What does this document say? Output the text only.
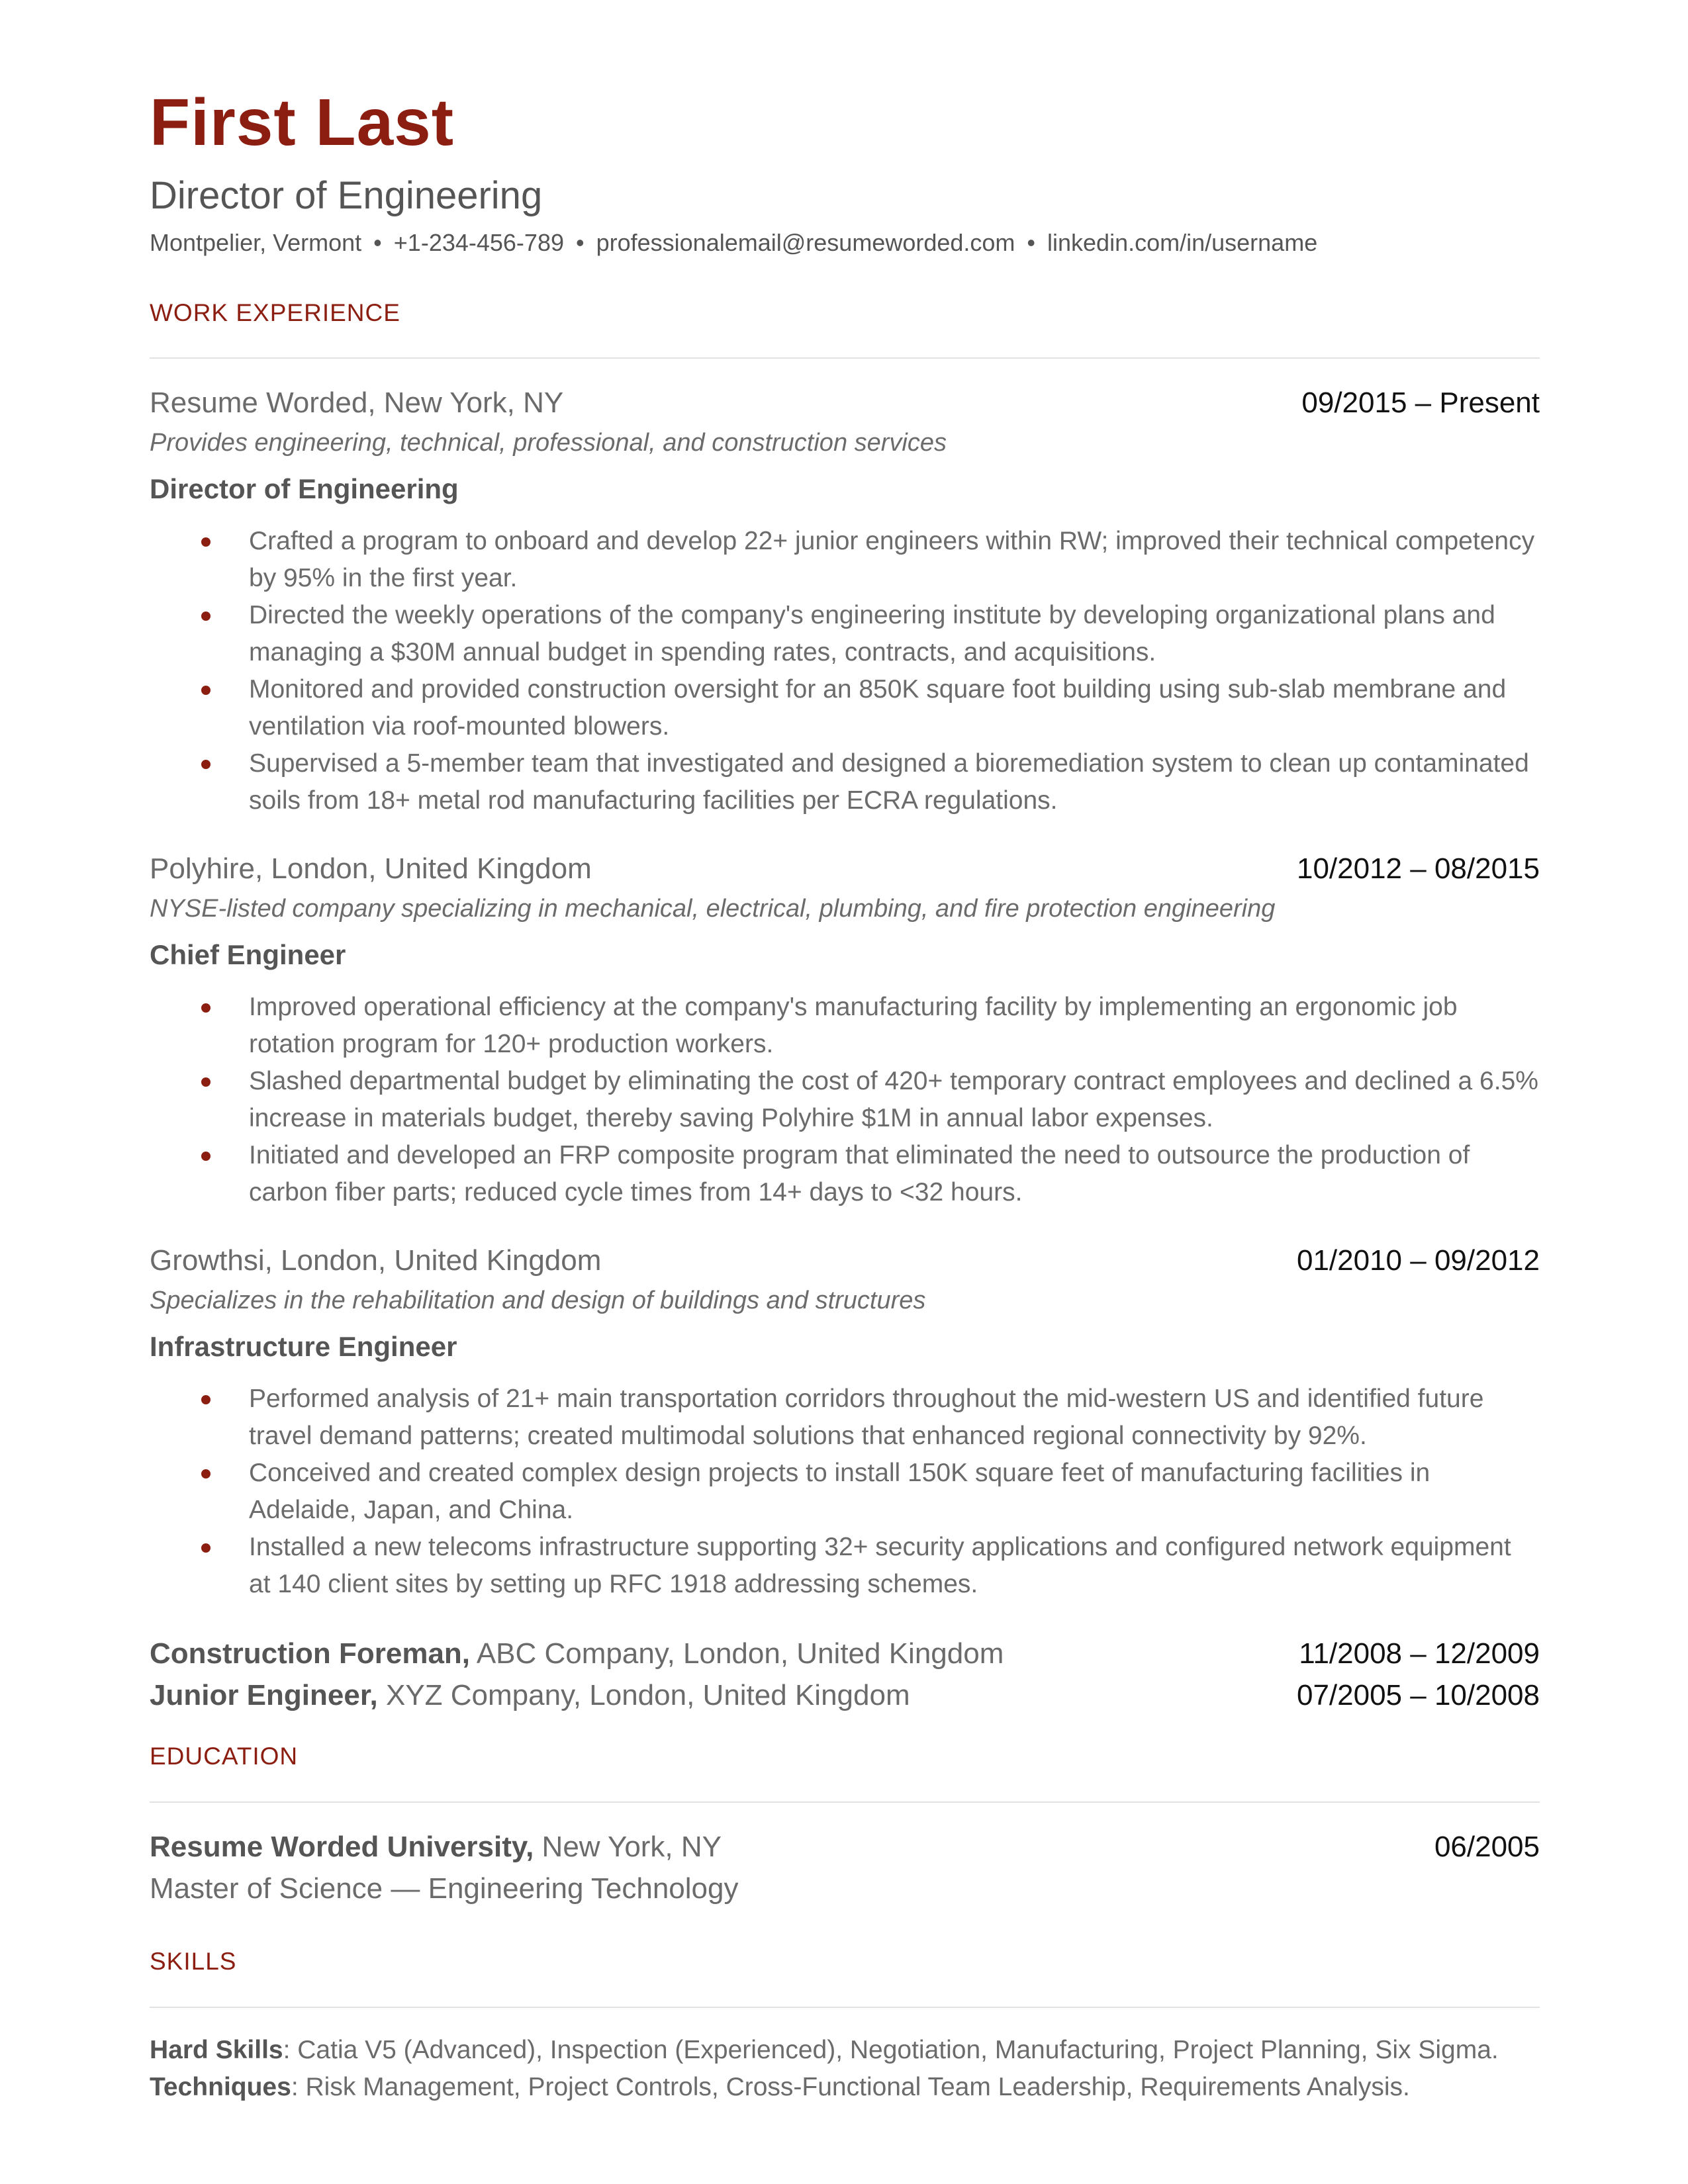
First Last
Director of Engineering
Montpelier, Vermont • +1-234-456-789 • professionalemail@resumeworded.com • linkedin.com/in/username
WORK EXPERIENCE
Resume Worded, New York, NY	09/2015 – Present
Provides engineering, technical, professional, and construction services
Director of Engineering
Crafted a program to onboard and develop 22+ junior engineers within RW; improved their technical competency by 95% in the first year.
Directed the weekly operations of the company's engineering institute by developing organizational plans and managing a $30M annual budget in spending rates, contracts, and acquisitions.
Monitored and provided construction oversight for an 850K square foot building using sub-slab membrane and ventilation via roof-mounted blowers.
Supervised a 5-member team that investigated and designed a bioremediation system to clean up contaminated soils from 18+ metal rod manufacturing facilities per ECRA regulations.
Polyhire, London, United Kingdom	10/2012 – 08/2015
NYSE-listed company specializing in mechanical, electrical, plumbing, and fire protection engineering
Chief Engineer
Improved operational efficiency at the company's manufacturing facility by implementing an ergonomic job rotation program for 120+ production workers.
Slashed departmental budget by eliminating the cost of 420+ temporary contract employees and declined a 6.5% increase in materials budget, thereby saving Polyhire $1M in annual labor expenses.
Initiated and developed an FRP composite program that eliminated the need to outsource the production of carbon fiber parts; reduced cycle times from 14+ days to <32 hours.
Growthsi, London, United Kingdom	01/2010 – 09/2012
Specializes in the rehabilitation and design of buildings and structures
Infrastructure Engineer
Performed analysis of 21+ main transportation corridors throughout the mid-western US and identified future travel demand patterns; created multimodal solutions that enhanced regional connectivity by 92%.
Conceived and created complex design projects to install 150K square feet of manufacturing facilities in Adelaide, Japan, and China.
Installed a new telecoms infrastructure supporting 32+ security applications and configured network equipment at 140 client sites by setting up RFC 1918 addressing schemes.
Construction Foreman, ABC Company, London, United Kingdom	11/2008 – 12/2009
Junior Engineer, XYZ Company, London, United Kingdom	07/2005 – 10/2008
EDUCATION
Resume Worded University, New York, NY	06/2005
Master of Science — Engineering Technology
SKILLS
Hard Skills: Catia V5 (Advanced), Inspection (Experienced), Negotiation, Manufacturing, Project Planning, Six Sigma.
Techniques: Risk Management, Project Controls, Cross-Functional Team Leadership, Requirements Analysis.
